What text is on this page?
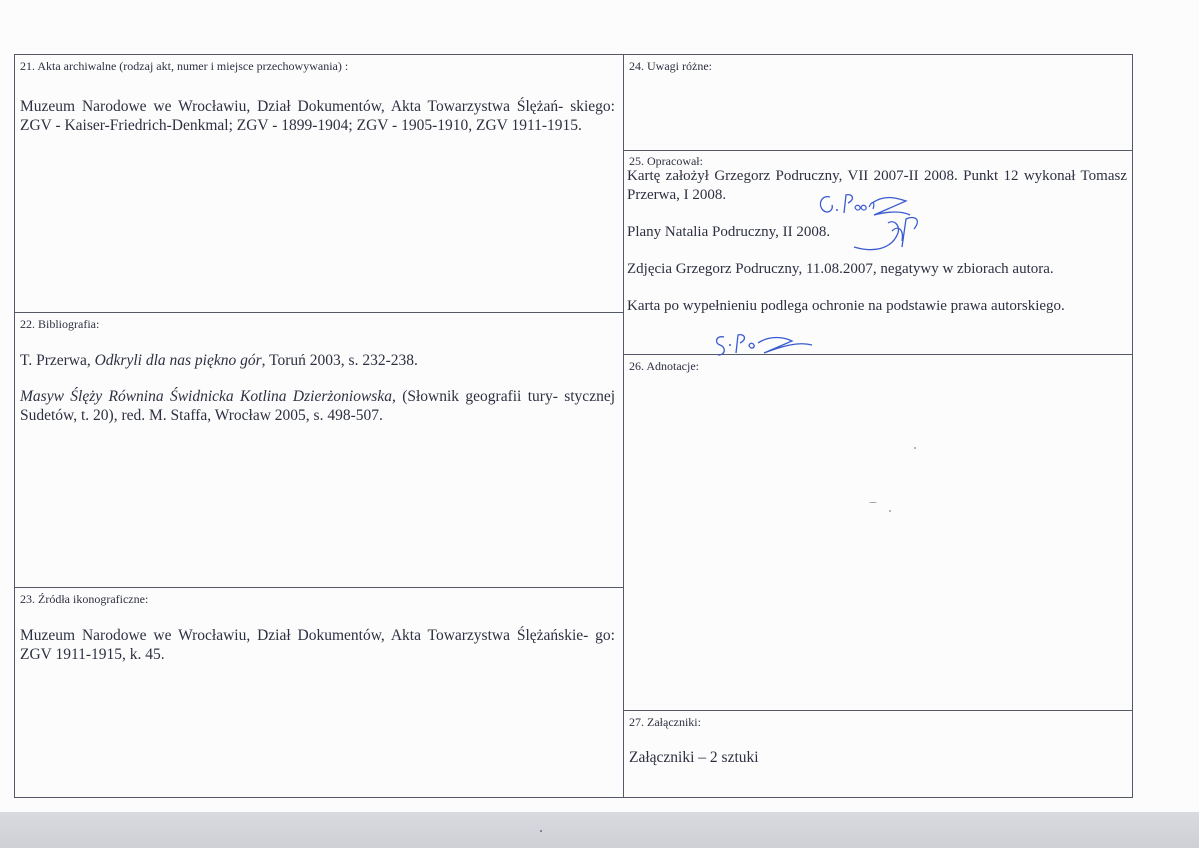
21. Akta archiwalne (rodzaj akt, numer i miejsce przechowywania) :
Muzeum Narodowe we Wrocławiu, Dział Dokumentów, Akta Towarzystwa Ślężań- skiego: ZGV - Kaiser-Friedrich-Denkmal; ZGV - 1899-1904; ZGV - 1905-1910, ZGV 1911-1915.
22. Bibliografia:

T. Przerwa, Odkryli dla nas piękno gór, Toruń 2003, s. 232-238.

Masyw Ślęży Równina Świdnicka Kotlina Dzierżoniowska, (Słownik geografii tury- stycznej Sudetów, t. 20), red. M. Staffa, Wrocław 2005, s. 498-507.

23. Źródła ikonograficzne:
Muzeum Narodowe we Wrocławiu, Dział Dokumentów, Akta Towarzystwa Ślężańskie- go: ZGV 1911-1915, k. 45.
24. Uwagi różne:
25. Opracował:

Kartę założył Grzegorz Podruczny, VII 2007-II 2008. Punkt 12 wykonał Tomasz Przerwa, I 2008.

Plany Natalia Podruczny, II 2008.

Zdjęcia Grzegorz Podruczny, 11.08.2007, negatywy w zbiorach autora.

Karta po wypełnieniu podlega ochronie na podstawie prawa autorskiego.

26. Adnotacje:
27. Załączniki:
Załączniki – 2 sztuki
